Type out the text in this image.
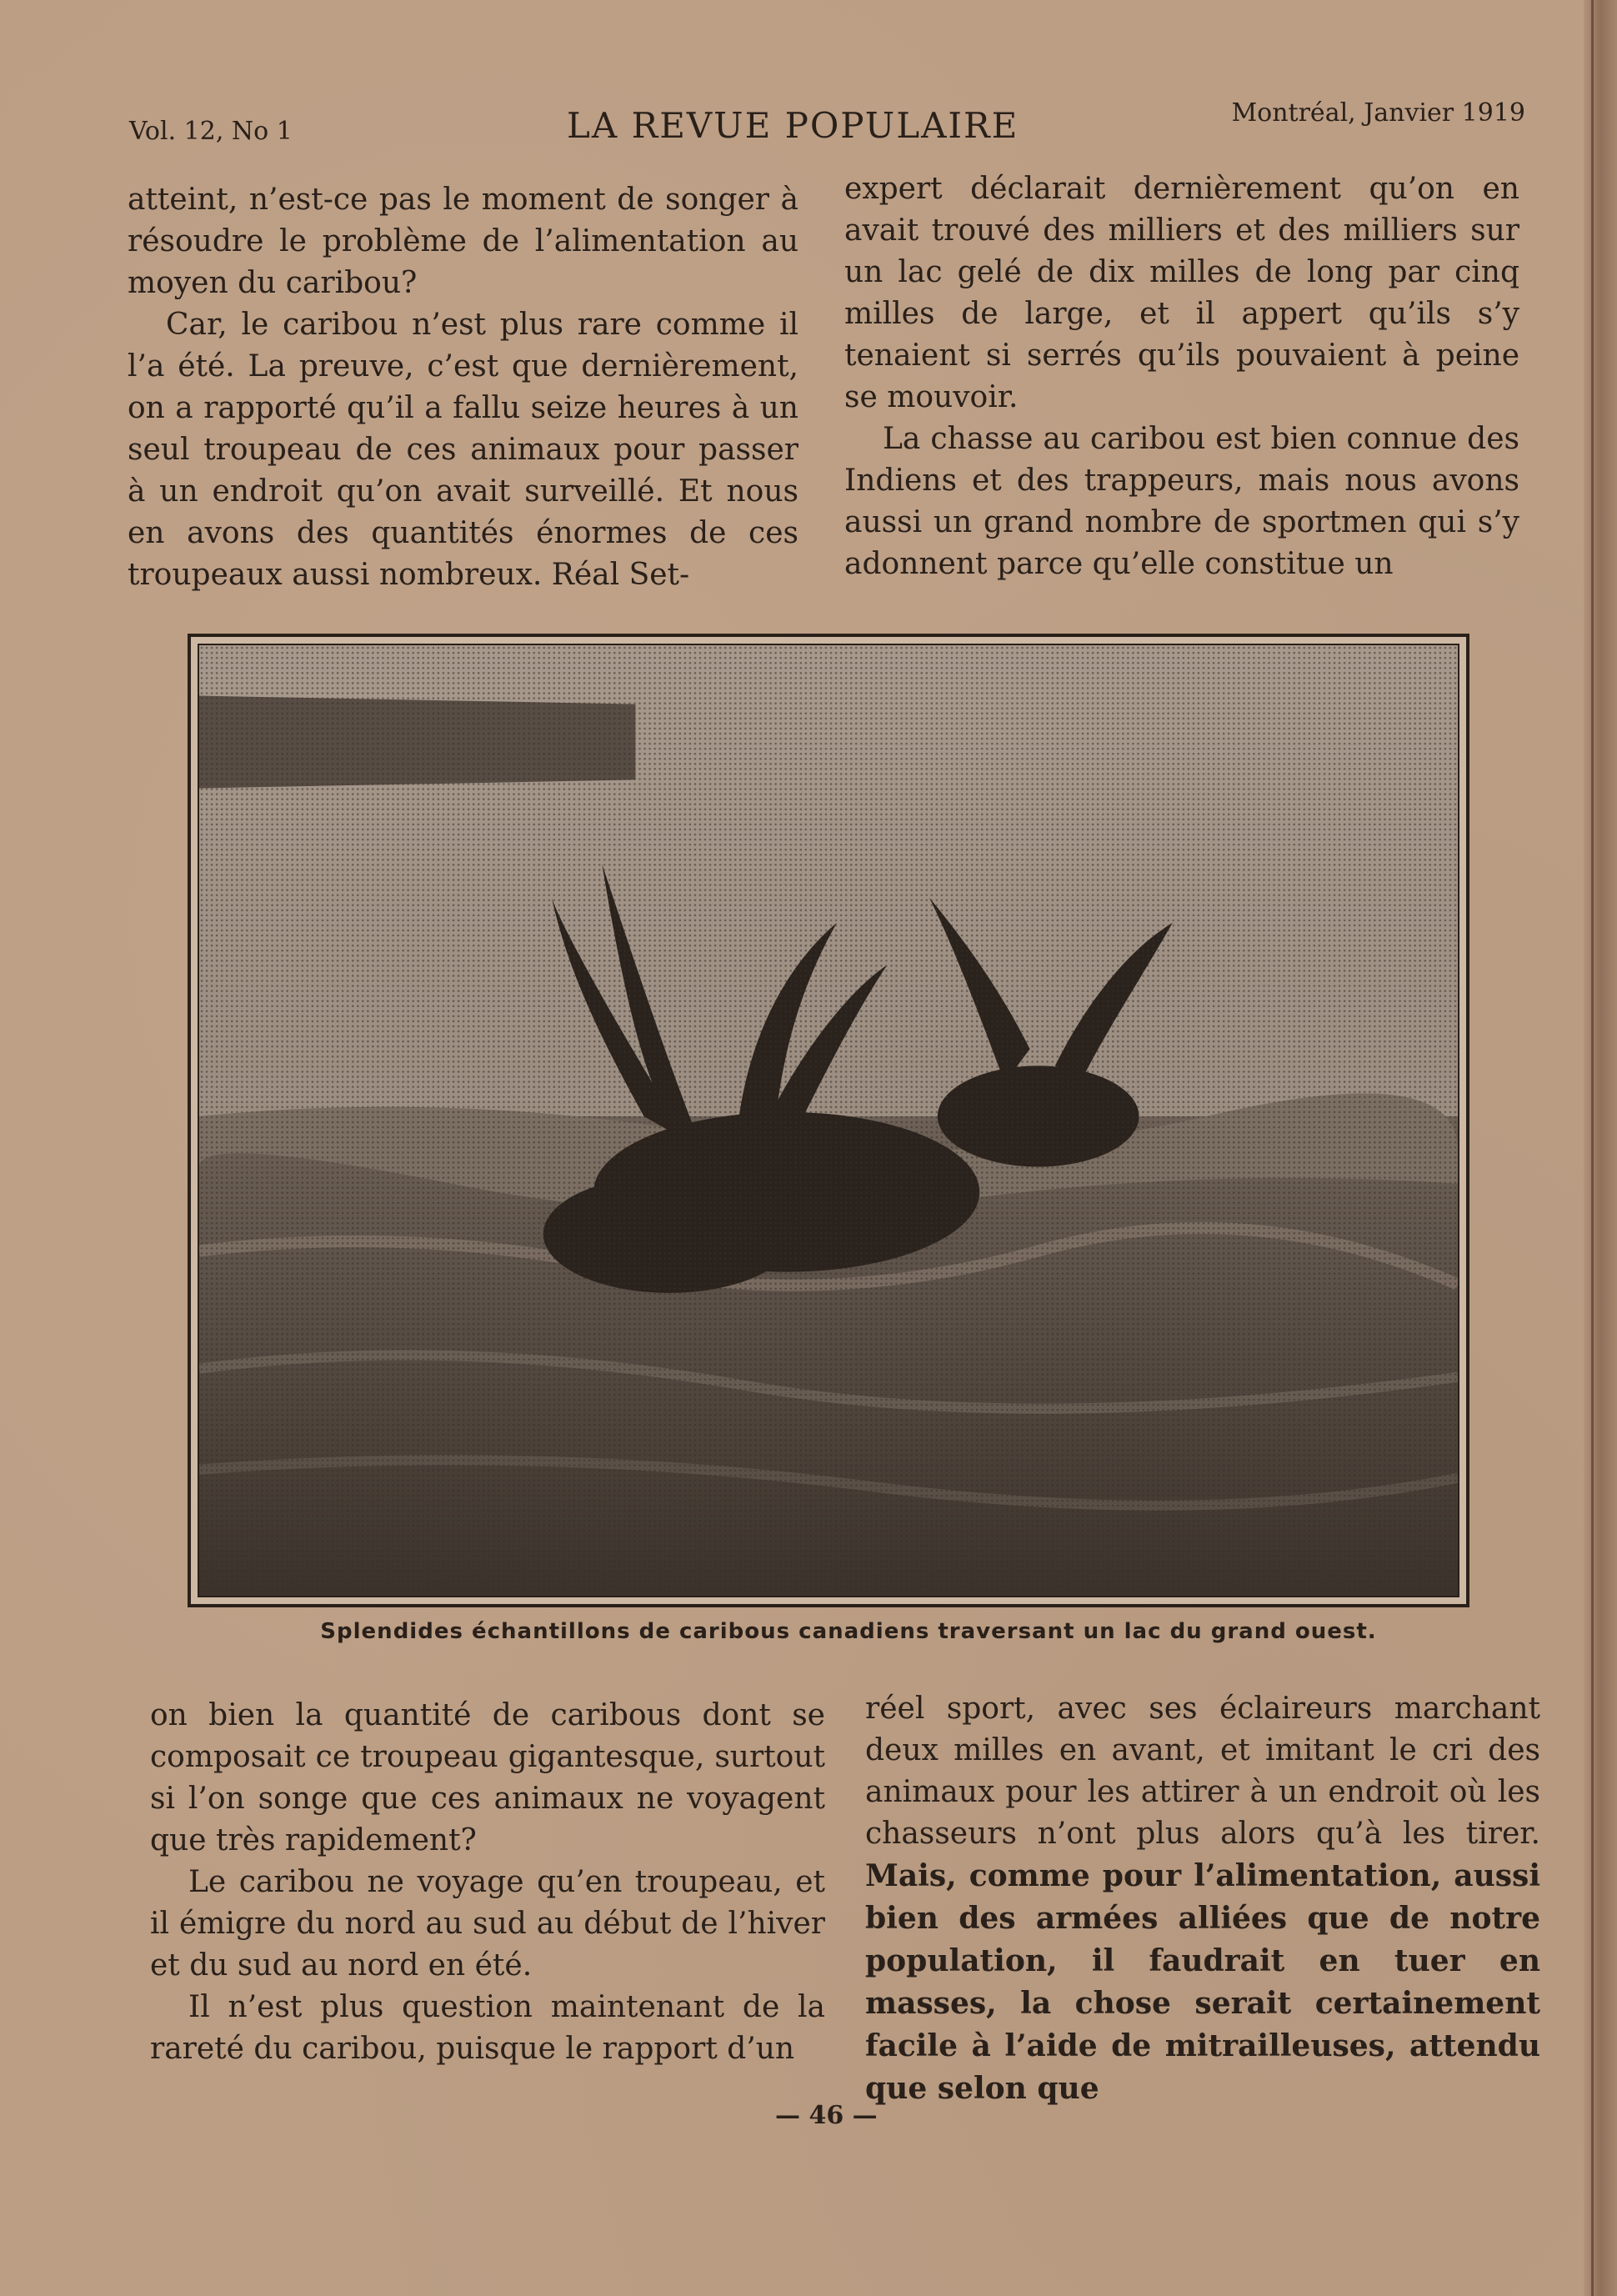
Vol. 12, No 1	LA REVUE POPULAIRE	Montréal, Janvier 1919

atteint, n’est-ce pas le moment de songer à résoudre le problème de l’alimentation au moyen du caribou?

Car, le caribou n’est plus rare comme il l’a été. La preuve, c’est que dernièrement, on a rapporté qu’il a fallu seize heures à un seul troupeau de ces animaux pour passer à un endroit qu’on avait surveillé. Et nous en avons des quantités énormes de ces troupeaux aussi nombreux. Réal Set-

expert déclarait dernièrement qu’on en avait trouvé des milliers et des milliers sur un lac gelé de dix milles de long par cinq milles de large, et il appert qu’ils s’y tenaient si serrés qu’ils pouvaient à peine se mouvoir.

La chasse au caribou est bien connue des Indiens et des trappeurs, mais nous avons aussi un grand nombre de sportmen qui s’y adonnent parce qu’elle constitue un

Splendides échantillons de caribous canadiens traversant un lac du grand ouest.

on bien la quantité de caribous dont se composait ce troupeau gigantesque, surtout si l’on songe que ces animaux ne voyagent que très rapidement?

Le caribou ne voyage qu’en troupeau, et il émigre du nord au sud au début de l’hiver et du sud au nord en été.

Il n’est plus question maintenant de la rareté du caribou, puisque le rapport d’un

réel sport, avec ses éclaireurs marchant deux milles en avant, et imitant le cri des animaux pour les attirer à un endroit où les chasseurs n’ont plus alors qu’à les tirer. Mais, comme pour l’alimentation, aussi bien des armées alliées que de notre population, il faudrait en tuer en masses, la chose serait certainement facile à l’aide de mitrailleuses, attendu que selon que

— 46 —
